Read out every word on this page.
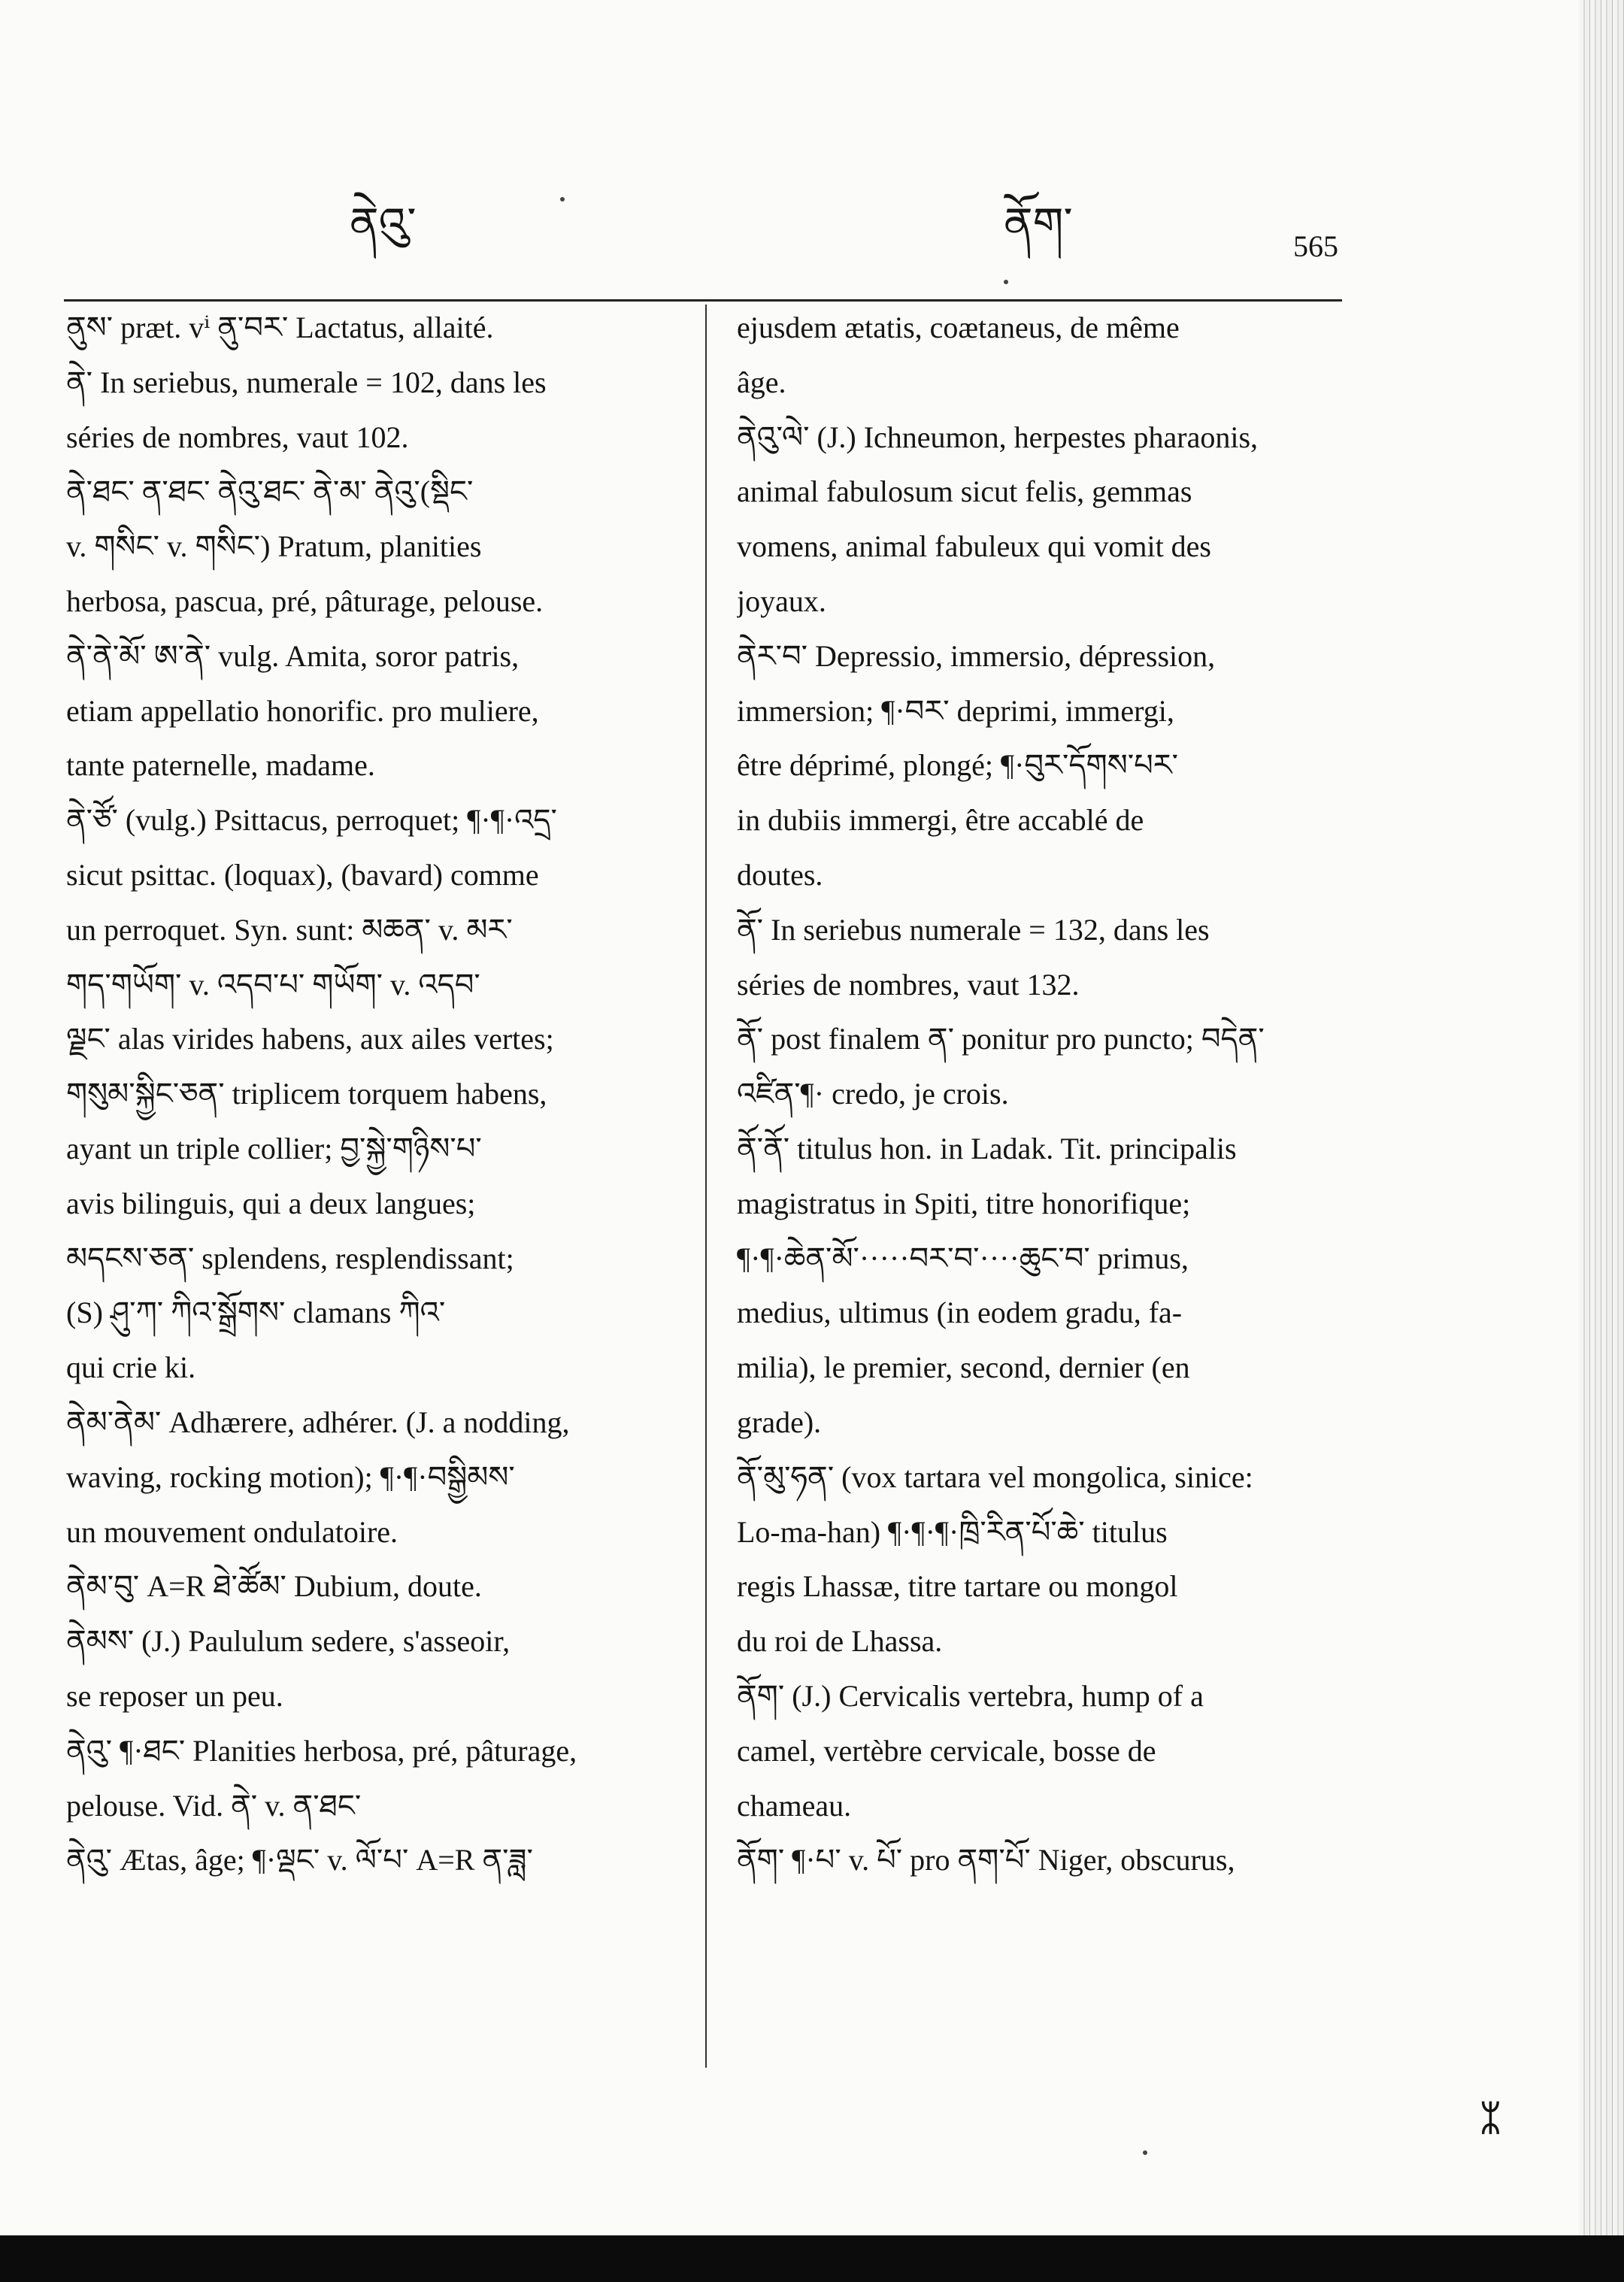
ནེའུ་	ནོག་	565
ནུས་ præt. vⁱ ནུ་བར་ Lactatus, allaité.
ནེ་ In seriebus, numerale = 102, dans les
séries de nombres, vaut 102.
ནེ་ཐང་ ན་ཐང་ ནེའུ་ཐང་ ནེ་མ་ ནེའུ་(སྡིང་
v. གསིང་ v. གསིང་) Pratum, planities
herbosa, pascua, pré, pâturage, pelouse.
ནེ་ནེ་མོ་ ཨ་ནེ་ vulg. Amita, soror patris,
etiam appellatio honorific. pro muliere,
tante paternelle, madame.
ནེ་ཙོ་ (vulg.) Psittacus, perroquet; ¶·¶·འདྲ་
sicut psittac. (loquax), (bavard) comme
un perroquet. Syn. sunt: མཆན་ v. མར་
གད་གཡོག་ v. འདབ་པ་ གཡོག་ v. འདབ་
ལྗང་ alas virides habens, aux ailes vertes;
གསུམ་སྐྱིང་ཅན་ triplicem torquem habens,
ayant un triple collier; བྱ་སྐྱེ་གཉིས་པ་
avis bilinguis, qui a deux langues;
མདངས་ཅན་ splendens, resplendissant;
(S) ཤུ་ཀ་ ཀིའ་སྒྲོགས་ clamans ཀིའ་
qui crie ki.
ནེམ་ནེམ་ Adhærere, adhérer. (J. a nodding,
waving, rocking motion); ¶·¶·བསྒྱིམས་
un mouvement ondulatoire.
ནེམ་བུ་ A=R ཐེ་ཚོམ་ Dubium, doute.
ནེམས་ (J.) Paululum sedere, s'asseoir,
se reposer un peu.
ནེའུ་ ¶·ཐང་ Planities herbosa, pré, pâturage,
pelouse. Vid. ནེ་ v. ན་ཐང་
ནེའུ་ Ætas, âge; ¶·ལྡང་ v. ལོ་པ་ A=R ན་ཟླ་
ejusdem ætatis, coætaneus, de même
âge.
ནེའུ་ལེ་ (J.) Ichneumon, herpestes pharaonis,
animal fabulosum sicut felis, gemmas
vomens, animal fabuleux qui vomit des
joyaux.
ནེར་བ་ Depressio, immersio, dépression,
immersion; ¶·བར་ deprimi, immergi,
être déprimé, plongé; ¶·བུར་དོགས་པར་
in dubiis immergi, être accablé de
doutes.
ནོ་ In seriebus numerale = 132, dans les
séries de nombres, vaut 132.
ནོ་ post finalem ན་ ponitur pro puncto; བདེན་
འཛིན་¶· credo, je crois.
ནོ་ནོ་ titulus hon. in Ladak. Tit. principalis
magistratus in Spiti, titre honorifique;
¶·¶·ཆེན་མོ་·····བར་བ་····ཆུང་བ་ primus,
medius, ultimus (in eodem gradu, fa-
milia), le premier, second, dernier (en
grade).
ནོ་མུ་ཧན་ (vox tartara vel mongolica, sinice:
Lo-ma-han) ¶·¶·¶·ཁྲི་རིན་པོ་ཆེ་ titulus
regis Lhassæ, titre tartare ou mongol
du roi de Lhassa.
ནོག་ (J.) Cervicalis vertebra, hump of a
camel, vertèbre cervicale, bosse de
chameau.
ནོག་ ¶·པ་ v. པོ་ pro ནག་པོ་ Niger, obscurus,
ᛯ
